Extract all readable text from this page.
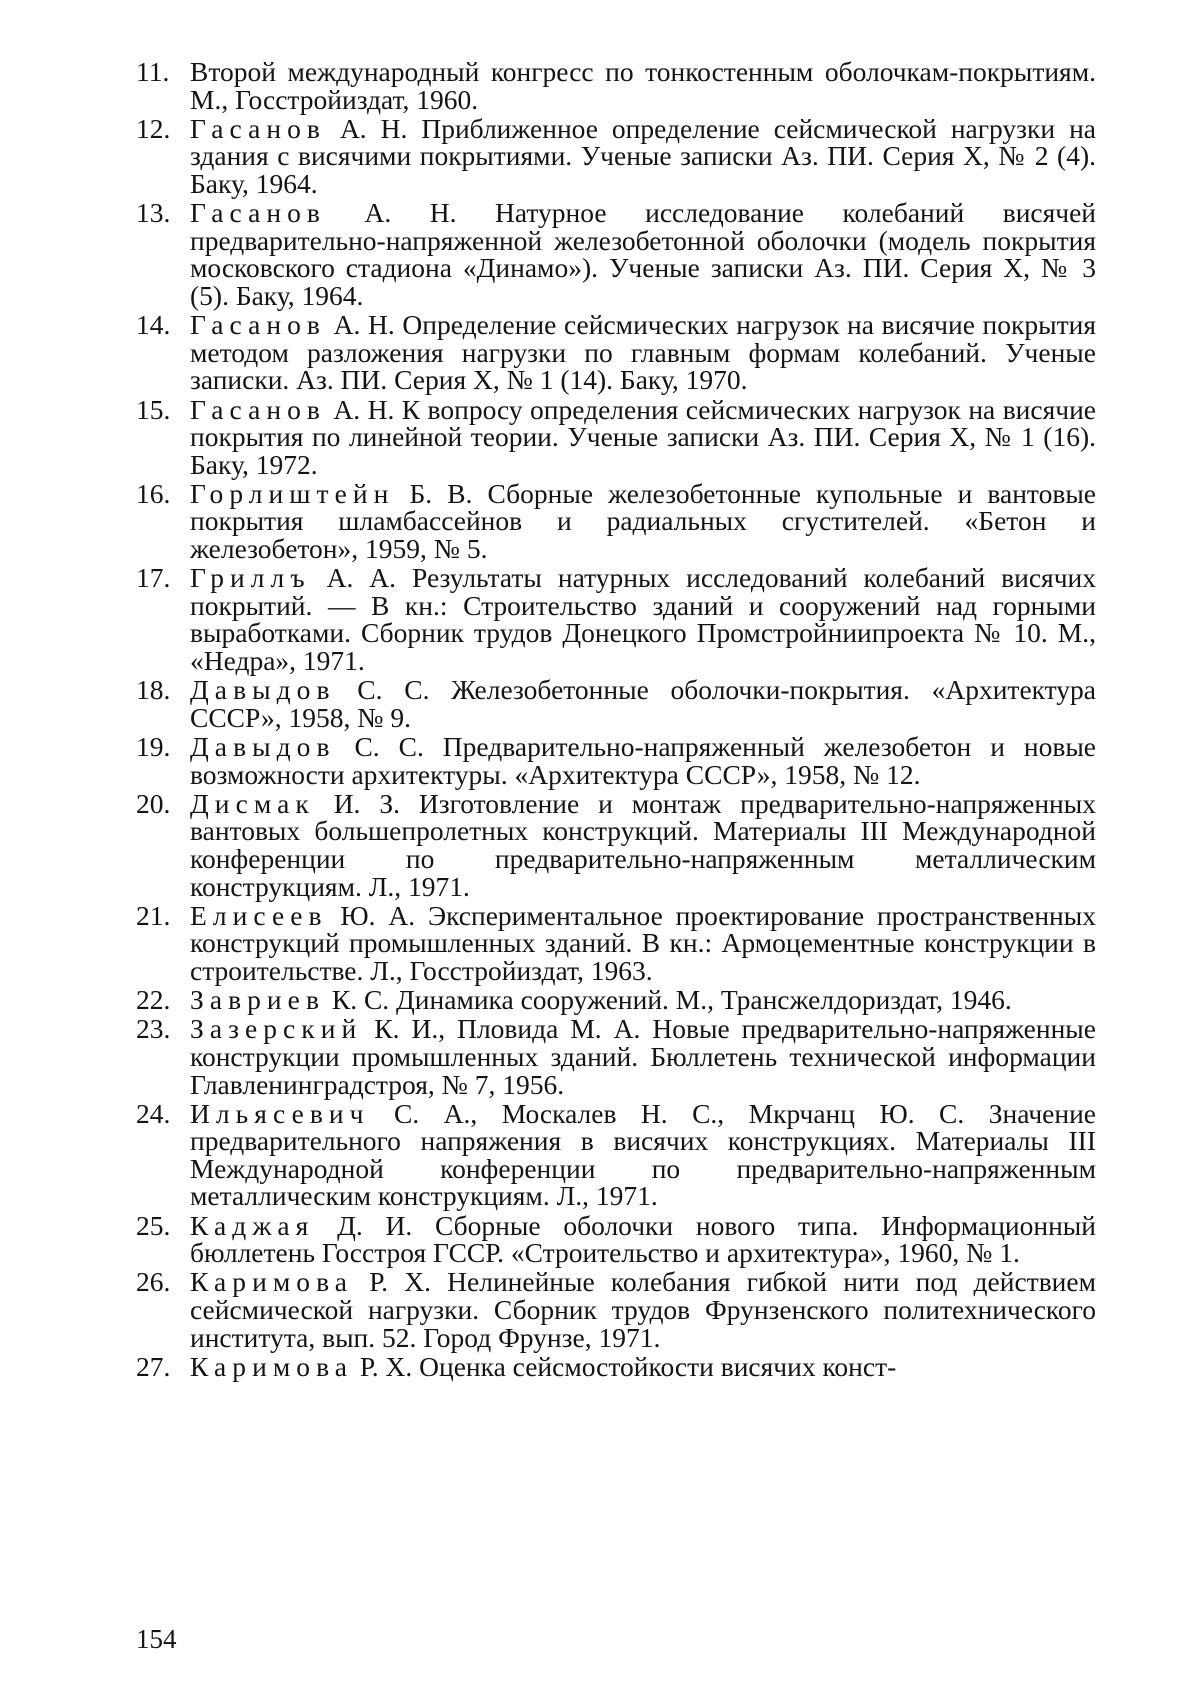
11. Второй международный конгресс по тонкостенным оболочкам-покрытиям. М., Госстройиздат, 1960.
12. Гасанов А. Н. Приближенное определение сейсмической нагрузки на здания с висячими покрытиями. Ученые записки Аз. ПИ. Серия X, № 2 (4). Баку, 1964.
13. Гасанов А. Н. Натурное исследование колебаний висячей предварительно-напряженной железобетонной оболочки (модель покрытия московского стадиона «Динамо»). Ученые записки Аз. ПИ. Серия X, № 3 (5). Баку, 1964.
14. Гасанов А. Н. Определение сейсмических нагрузок на висячие покрытия методом разложения нагрузки по главным формам колебаний. Ученые записки. Аз. ПИ. Серия X, № 1 (14). Баку, 1970.
15. Гасанов А. Н. К вопросу определения сейсмических нагрузок на висячие покрытия по линейной теории. Ученые записки Аз. ПИ. Серия X, № 1 (16). Баку, 1972.
16. Горлиштейн Б. В. Сборные железобетонные купольные и вантовые покрытия шламбассейнов и радиальных сгустителей. «Бетон и железобетон», 1959, № 5.
17. Гриллъ А. А. Результаты натурных исследований колебаний висячих покрытий. — В кн.: Строительство зданий и сооружений над горными выработками. Сборник трудов Донецкого Промстройниипроекта № 10. М., «Недра», 1971.
18. Давыдов С. С. Железобетонные оболочки-покрытия. «Архитектура СССР», 1958, № 9.
19. Давыдов С. С. Предварительно-напряженный железобетон и новые возможности архитектуры. «Архитектура СССР», 1958, № 12.
20. Дисмак И. З. Изготовление и монтаж предварительно-напряженных вантовых большепролетных конструкций. Материалы III Международной конференции по предварительно-напряженным металлическим конструкциям. Л., 1971.
21. Елисеев Ю. А. Экспериментальное проектирование пространственных конструкций промышленных зданий. В кн.: Армоцементные конструкции в строительстве. Л., Госстройиздат, 1963.
22. Завриев К. С. Динамика сооружений. М., Трансжелдориздат, 1946.
23. Зазерский К. И., Пловида М. А. Новые предварительно-напряженные конструкции промышленных зданий. Бюллетень технической информации Главленинградстроя, № 7, 1956.
24. Ильясевич С. А., Москалев Н. С., Мкрчанц Ю. С. Значение предварительного напряжения в висячих конструкциях. Материалы III Международной конференции по предварительно-напряженным металлическим конструкциям. Л., 1971.
25. Каджая Д. И. Сборные оболочки нового типа. Информационный бюллетень Госстроя ГССР. «Строительство и архитектура», 1960, № 1.
26. Каримова Р. Х. Нелинейные колебания гибкой нити под действием сейсмической нагрузки. Сборник трудов Фрунзенского политехнического института, вып. 52. Город Фрунзе, 1971.
27. Каримова Р. Х. Оценка сейсмостойкости висячих конст-
154
